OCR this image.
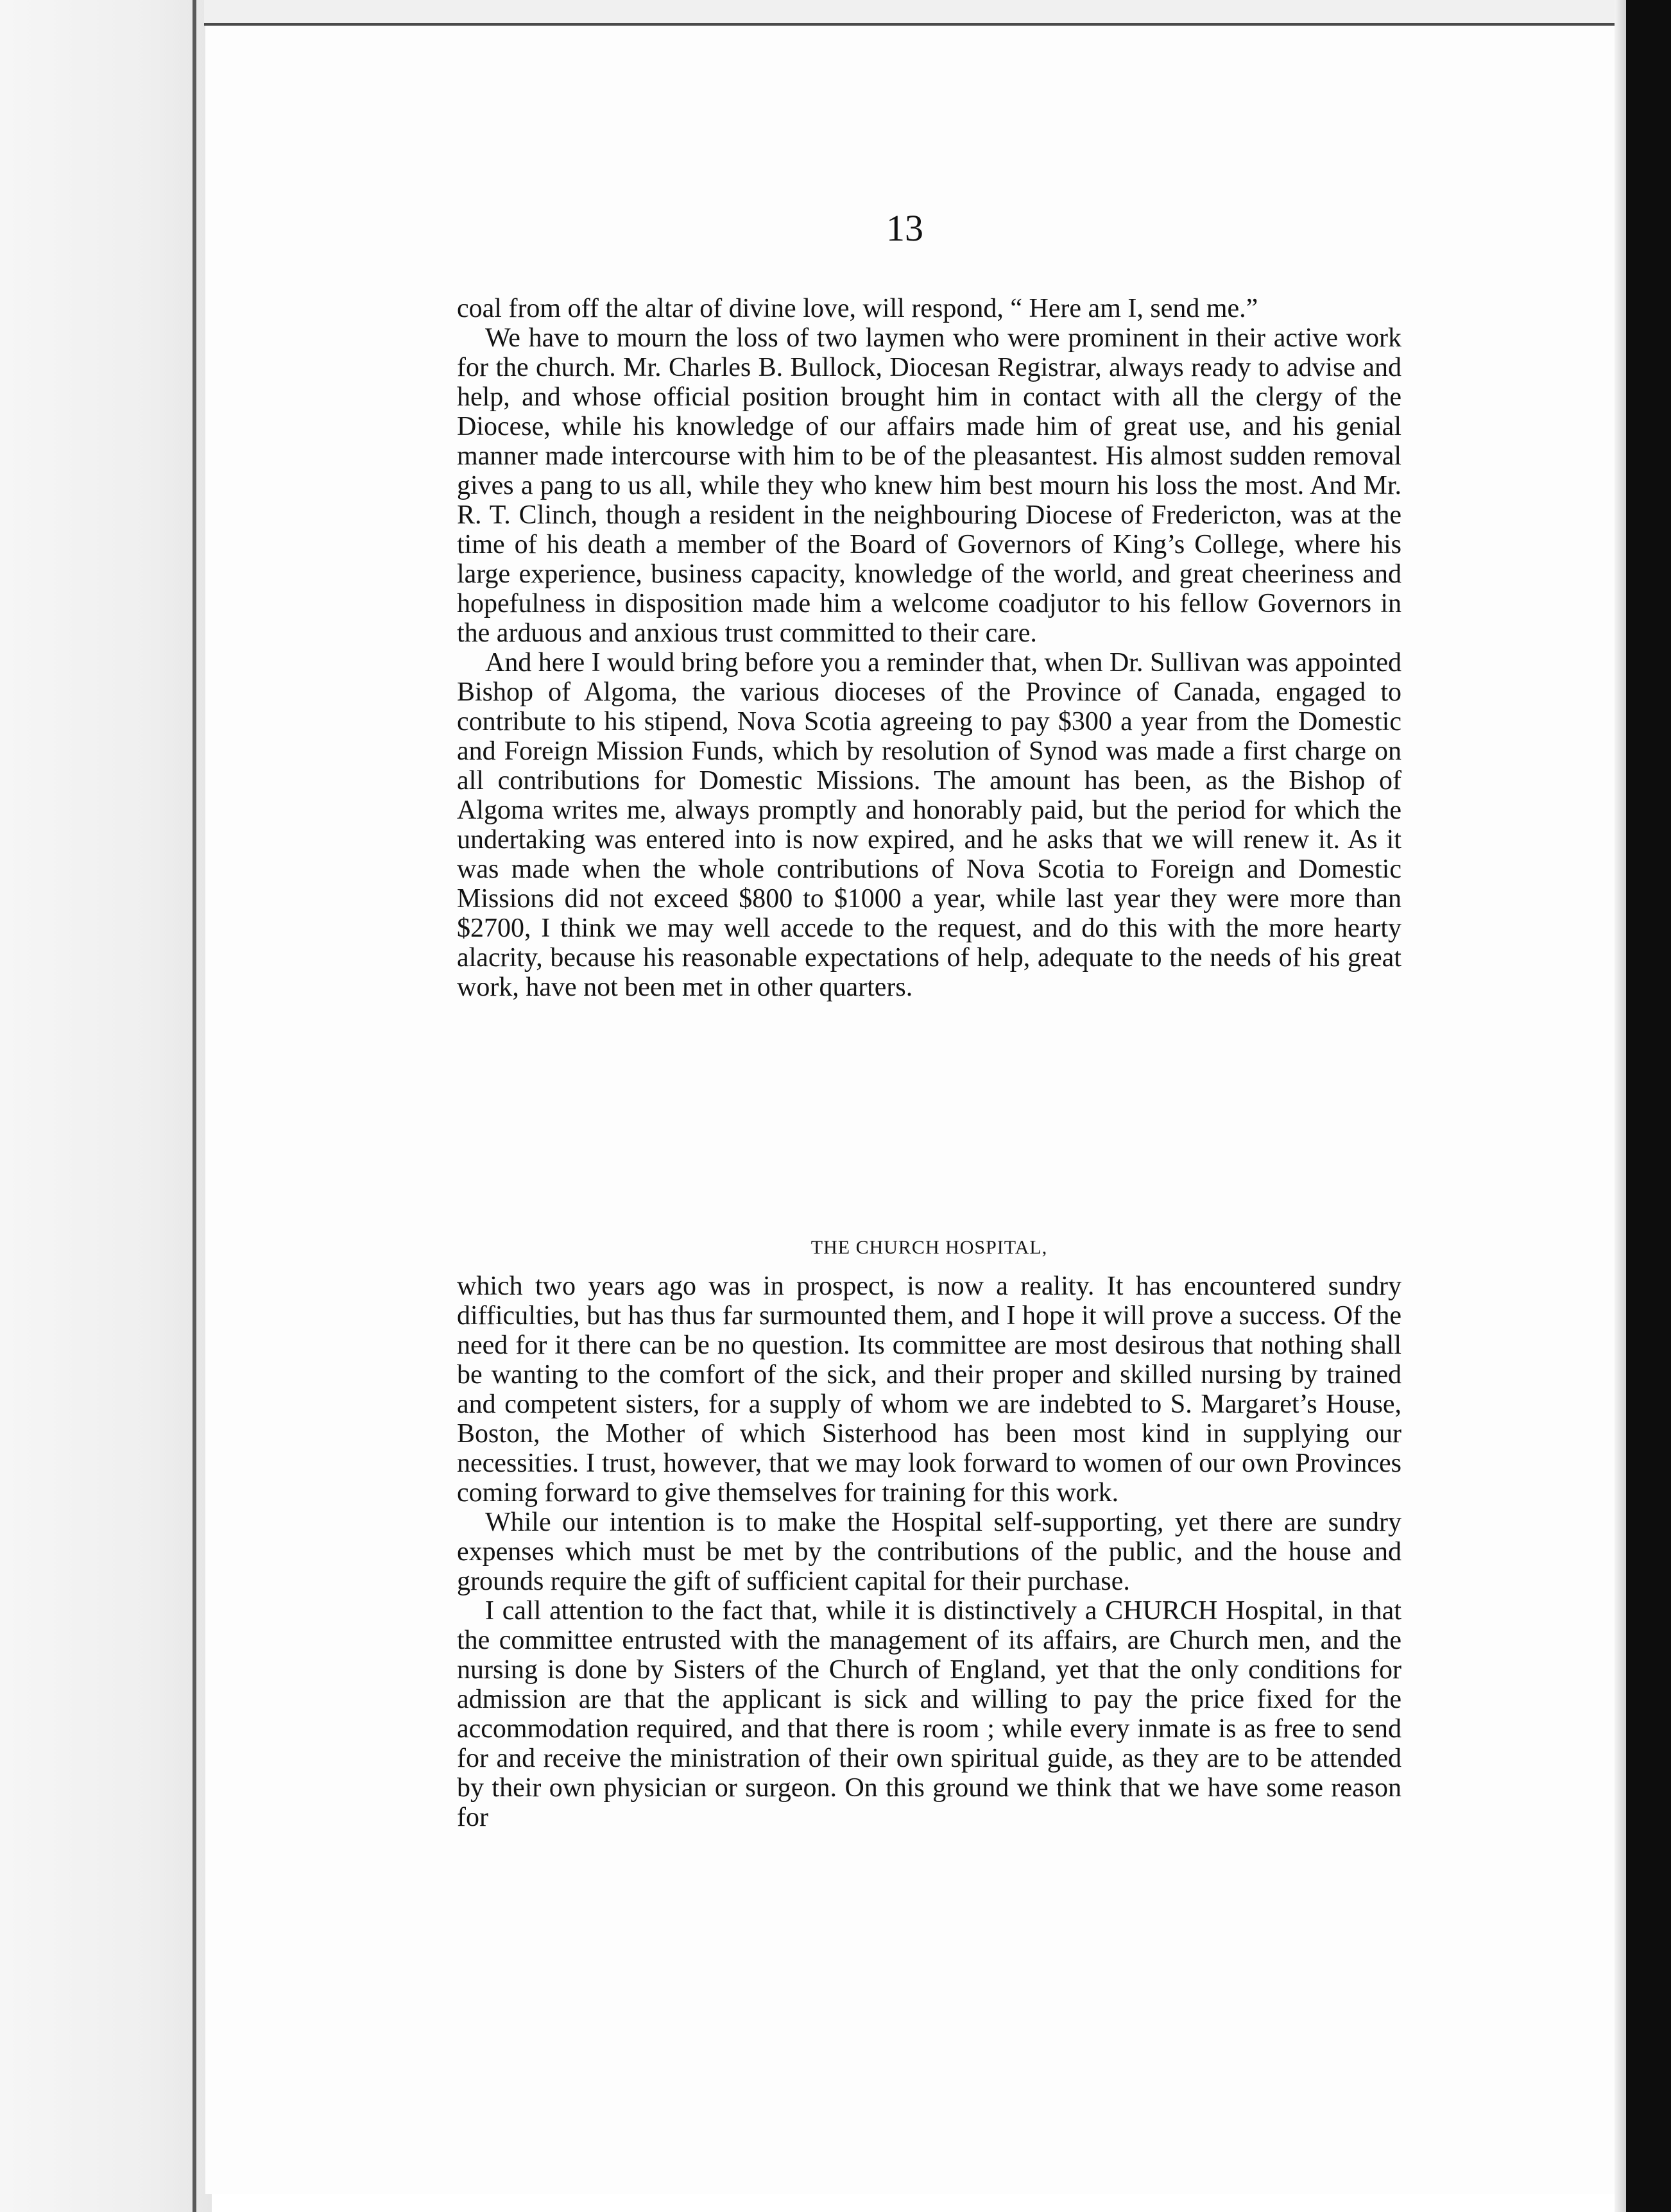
13

coal from off the altar of divine love, will respond, “ Here am I, send me.”

We have to mourn the loss of two laymen who were prominent in their active work for the church. Mr. Charles B. Bullock, Diocesan Registrar, always ready to advise and help, and whose official position brought him in contact with all the clergy of the Diocese, while his knowledge of our affairs made him of great use, and his genial manner made intercourse with him to be of the pleasantest. His almost sudden removal gives a pang to us all, while they who knew him best mourn his loss the most. And Mr. R. T. Clinch, though a resident in the neighbouring Diocese of Fredericton, was at the time of his death a member of the Board of Governors of King’s College, where his large experience, business capacity, knowledge of the world, and great cheeriness and hopefulness in disposition made him a welcome coadjutor to his fellow Governors in the arduous and anxious trust committed to their care.

And here I would bring before you a reminder that, when Dr. Sullivan was appointed Bishop of Algoma, the various dioceses of the Province of Canada, engaged to contribute to his stipend, Nova Scotia agreeing to pay $300 a year from the Domestic and Foreign Mission Funds, which by resolution of Synod was made a first charge on all contributions for Domestic Missions. The amount has been, as the Bishop of Algoma writes me, always promptly and honorably paid, but the period for which the undertaking was entered into is now expired, and he asks that we will renew it. As it was made when the whole contributions of Nova Scotia to Foreign and Domestic Missions did not exceed $800 to $1000 a year, while last year they were more than $2700, I think we may well accede to the request, and do this with the more hearty alacrity, because his reasonable expectations of help, adequate to the needs of his great work, have not been met in other quarters.

THE CHURCH HOSPITAL,

which two years ago was in prospect, is now a reality. It has encountered sundry difficulties, but has thus far surmounted them, and I hope it will prove a success. Of the need for it there can be no question. Its committee are most desirous that nothing shall be wanting to the comfort of the sick, and their proper and skilled nursing by trained and competent sisters, for a supply of whom we are indebted to S. Margaret’s House, Boston, the Mother of which Sisterhood has been most kind in supplying our necessities. I trust, however, that we may look forward to women of our own Provinces coming forward to give themselves for training for this work.

While our intention is to make the Hospital self-supporting, yet there are sundry expenses which must be met by the contributions of the public, and the house and grounds require the gift of sufficient capital for their purchase.

I call attention to the fact that, while it is distinctively a CHURCH Hospital, in that the committee entrusted with the management of its affairs, are Church men, and the nursing is done by Sisters of the Church of England, yet that the only conditions for admission are that the applicant is sick and willing to pay the price fixed for the accommodation required, and that there is room ; while every inmate is as free to send for and receive the ministration of their own spiritual guide, as they are to be attended by their own physician or surgeon. On this ground we think that we have some reason for
